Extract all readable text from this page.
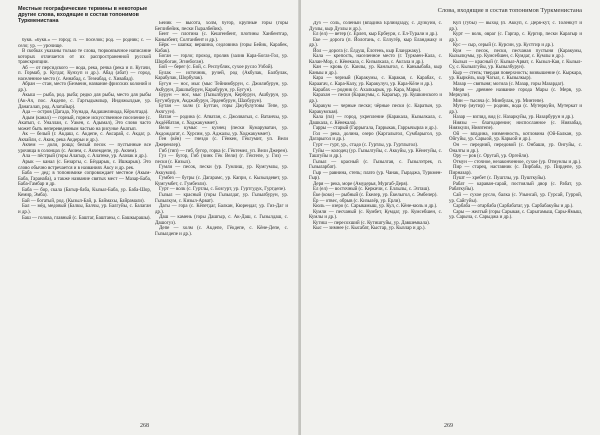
Местные географические термины в некоторые другие слова, входящие в состав топонимов Туркменистана

букв. «букв.» — город; п. — поселок; род. — родник; с. — село; ур. — урочище.

В скобках указаны только те слова, тюркоязычное написание которых отличается от их распространенной русской транскрипции.

Аб — от персидского — вода, река, речка (река и п. Кугачи, п. Гормаб, р. Кугдаг, Кунхуп и др.). Абад (абат) — город, населенное место (с. Аннабад, с. Тезеабад, с. Хивабад).

Абран — стан, место (Безмеин, название фрисских колоний и др.).

Акыш — рыба, род. рыба; редко для рыбы, место для рыбы (Ак-Ач, пос. Акдепе, с. Гаргыдымлыр, Индижылдые, ур. Данагалап, род. Алатайыр).

Ада — остров (Дагада, Узунада, Акдашелинада, Кёролтада).

Адым (канал) — горный, горное искусственное поселение (с. Акатып, с. Уналлаи, с. Уакен, с. Адымал), Это слово часто может быть непереведенным частью на рисунке Акатып.

Ак — белый (г. Акдаш, с. Акдепе, с. Аксарай, с. Акдаг, р. Акчайли, с. Акик, река Акдерьи и др.).

Акчем — доли, роща; белый песок — пустынные все урочища в солонцах (с. Акчем, с. Акчемдепе, ур. Акчем).

Ала — пёстрый (горы Алагыр, с. Алатеке, ур. Алачак и др.).

Арык — канал (с. Безаргы, с. Бёздарык, с. Ишкарык). Это слово обычно встречается и в названиях Аксу и др. рек.

Баба — дед; в топонимике сопровождает местное (Акым-Баба, Гаранаба), а также название святых мест — Мазар-Баба, Баба-Гамбар и др.

Баба — бор, скала (Багыр-баба, Кызыл-Баба, ур. Баба-Шор, Кемир, Эмба).

Бай — богатый, род. (Кызыл-Бай, р. Баймахы, Байрамали).

Бал — мёд, медовый (Балкы, Балчы, ур. Балгуйы, с. Балаган и др.).

Баш — голова, главный (с. Баштаг, Баштаны, с. Башкырашы).

Бейик — высота, холм, бугор, крупные горы (горы Беглибейик, пески Гыралбейик).

Бент — плотина (с. Кешгенбент, плотины Ханбентгар, Канызбент, Солтанбент и др.).

Бёрк — шапка; вершина, седловина (горы Бейик, Карабек, Кабак).

Боган — горло; проход, пролив (залив Кара-Богаз-Гол, ур. Шорбоган, Эгинбоган).

Бой — берег (с. Бой, с. Республик, сухое русло Узбой).

Булак — источник, ручей, род (Акбулак, Балбулак, Карабулак, Шорбулак).

Бугун — нос, мыс (мыс Тейнимбурун, с. Джилибурун, ур. Акбурун, Дашлыбурун, Карабурун, ур. Бугун).

Бурун — нос, мыс (Гызылбурун, Кербурун, Ашбурун, ур. Бугунбурун, Акджабурун, Эрденбурун, Шахбурун).

Бутан — холм (г. Бугтан, горы Джубулутовы Тепе, ур. Акчгуун).

Ватан — родина (с. Атватан, с. Джолвагыл, с. Ватанчы, ур. Акдёёбатан, с. Ходжакуммет).

Вели — кумыс — кузнец (пески Кумаруватан, ур. Акдождагат, с. Хурсим, ур. Аджалы, ур. Ходжакуммет).

Ген (кён) — гнездо (с. Гёнкен, Гёкгумит, уп. Вели Джеренлер).

Гиб (гип) — гиб, бугор, горка (с. Гёктемел, уп. Вели Джерен).

Гуз — бугор, Гиб (чинк Гёк Вели) (г. Гёктепе, у. Гиз) — пески (с. Кизыл).

Гумли — песок, пески (ур. Гумлиш, ур. Кумгумлы, ур. Аккумли).

Гумбез — бугры (с. Дагарамс, ур. Капри, с. Кызылдевет, ур. Кумгумбет, с. Гумбезли).

Гурт — волк (с. Гуртлы, с. Бозгурт, ур. Гуртгудук, Гуртдепе).

Гызыл — красный (горы Гызылдаг, ур. Гызылбурун, ур. Гызылкум, с. Кизыл-Арват).

Дагы — гора (с. Кёпетдаг, Балкан, Кюрендаг, ур. Гиз-Даг и др.).

Даш — камень (горы Дашгыр, с. Ак-Даш, с. Гызылдаш, с. Дашогуз).

Депе — холм (с. Акдепе, Гёкдепе, с. Кёне-Депе, с. Гызылдепе и др.).

268
Слова, входящие в состав топонимов Туркменистана

Дуз — соль, соленый (впадина Ерлийдзаду, с. Дузкуйи, с. Дузлы, кыр Дузлы и др.).

Ел (ел) — ветер (с. Ерлеп, кыр Ербеури, с. Ел-Турали и др.).

Еке — дорога (п. Йолотань, с. Еллугёр, кыр Еланджаку и др.).

Йол — дорога (с. Ёлдуш, Ёлотень, кыр Еланджаку).

Кала — крепость, населенное место (г. Туркмен-Кала, с. Калаи-Мор, с. Кёнекала, с. Кизылкала, с. Акгала и др.).

Кан — кровь (с. Канлы, ур. Канлыгол, с. Каныыбаба, кыр Каныы и др.).

Кара — черный (Каракумы, с. Каракая, с. Карабах, с. Караагач, с. Кара-Калу, ур. Каракулуч, ур. Кара-Кёле и др.).

Карабах — родник (с. Ахалкырык, ур. Кара, Мары).

Карахан — пески (Каракумы, с. Карагыр, ур. Кушкинского и др.).

Каракум — черные пески; чёрные пески (с. Каратын, ур. Каракумская).

Кала (пл) — город, укрепление (Каракала, Кызылкала, с. Дашкала, с. Кёнекала).

Гарры — старый (Гаррыгала, Гаррыкак, Гаррычырла и др.).

Гол — река, долина, озеро (Каргалыгол, Сумбарыгол, ур. Дагарыгол и др.).

Гурт — гурт, ур., стадо (с. Гуртлы, ур. Гуртлыгол).

Гуйы — колодец (ур. Гызылгуйы, с. Аккуйы, ур. Кёнегуйы, с. Ташгуйы и др.).

Гызыл — красный (с. Гызылгая, с. Гызылэтрек, п. Гызыларбат).

Гыр — равнина, степь; плато (ур. Чанак, Гыраджа, Туркмен-Гыр).

Деря — река, море (Амудерья, Мургаб-Деря).

Ел (ел) — восточный (с. Керкичи, с. Еллылы, с. Элташ).

Ёке (коко) — рыбный (с. Ёкелер, ур. Ёкелыгол, с. Эмбелер).

Ёр — отвес, обрыв (с. Кизылёр, ур. Ерли).

Кюль — озеро (с. Сарыкамыш, ур. Кул, с. Кёне-кюль и др.).

Кумли — песчаный (с. Кумбет, Кумдаг, ур. Кумсебшен, с. Кумлы и др.).

Кутиш — пересохший (с. Кутишгуйы, ур. Давшемкала).

Кыс — зимнее (с. Кысабат, Кыстар, ур. Кызлар и др.).

Куп (губы) — выход (п. Аккуп, с. Деря-кут, с. Толенкут и др.).

Курт — волк, овраг (с. Гаргар, с. Кургир, пески Карагыр и др.).

Кус — сыр, серый (с. Курсин, ур. Кустгир и др.).

Кум — песок, пески, песчаная пустыня (Каракумы, Кызылкумы, ур. Кумсебшен, с. Кумдаг, с. Кумлы и др.).

Кызыл — красный (г. Кызыл-Арват, с. Кызыл-Кая, г. Кызыл-Су, с. Кызылгуйы, ур. Кызылбурун).

Кыр — степь; твердая поверхность; возвышение (с. Кыркара, ур. Кыркёль, кыр Чагыл, с. Кызылкыр).

Мазар — святыня; могила (с. Мазар, горы Мазардаг).

Мерв — древнее название города Мары (с. Мерв, ур. Меркули).

Мин — тысяча (с. Минбулак, ур. Минтепе).

Мутер (мутир) — родник, вода (с. Мутеркуйи, Мутеркат и др.).

Назар — взгляд, вид (с. Назаркуйы, ур. Назарбурун и др.).

Ниязы — благодарение; ниспосланное (с. Ниязабад, Ниязкули, Ниязтепе).

Ой — впадина, низменность, котловина (Ой-Балкан, ур. Ойгуйы, ур. Сарыой, ур. Карыой и др.).

Он — передний, передовой (с. Онбаши, ур. Онгуйы, с. Оналты и др.).

Ору — ров (с. Орутай, ур. Оргейли).

Отмун — сточное, незаконченное, сухое (ур. Отмунлы и др.).

Пир — старец, наставник (с. Пирбаба, ур. Пирдепе, ур. Пирназар).

Пушт — хребет (с. Пуштлы, ур. Пушткуйы).

Рабат — караван-сарай, постоялый двор (с. Рабат, ур. Рабаткуйы).

Сай — сухое русло, балка (с. Узынсай, ур. Гурсай, Гуррой, ур. Сайгуйы).

Сарбаба — отарбаба (Сарбабатаг, ур. Сарбабакуйы и др.).

Сары — желтый (горы Сарыкая, с. Сарыгамыш, Сары-Ямыш, ур. Сарыча, с. Сарыджа и др.).

269
